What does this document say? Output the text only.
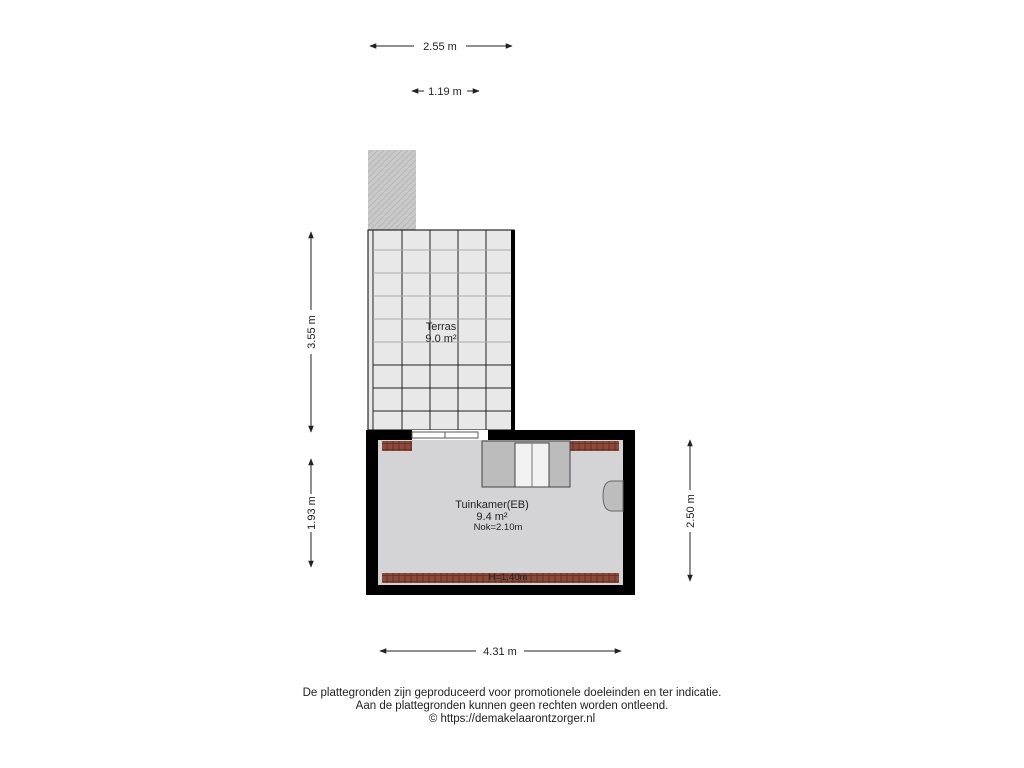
Terras
9.0 m²
Tuinkamer(EB)
9.4 m²
Nok=2.10m
H=1.40m
2.55 m
1.19 m
3.55 m
1.93 m	2.50 m
4.31 m
De plattegronden zijn geproduceerd voor promotionele doeleinden en ter indicatie.
Aan de plattegronden kunnen geen rechten worden ontleend.
© https://demakelaarontzorger.nl
